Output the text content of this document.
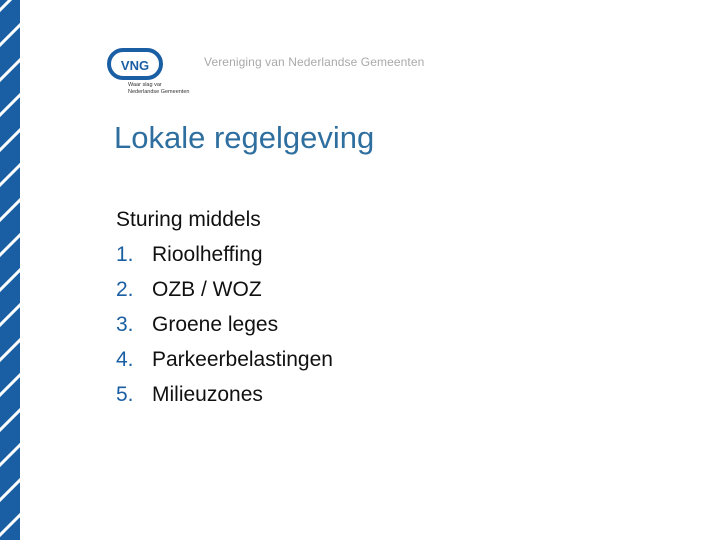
VNG
Waar slag var
Nederlandse Gemeenten
Vereniging van Nederlandse Gemeenten
Lokale regelgeving

Sturing middels

1. Rioolheffing
2. OZB / WOZ
3. Groene leges
4. Parkeerbelastingen
5. Milieuzones
